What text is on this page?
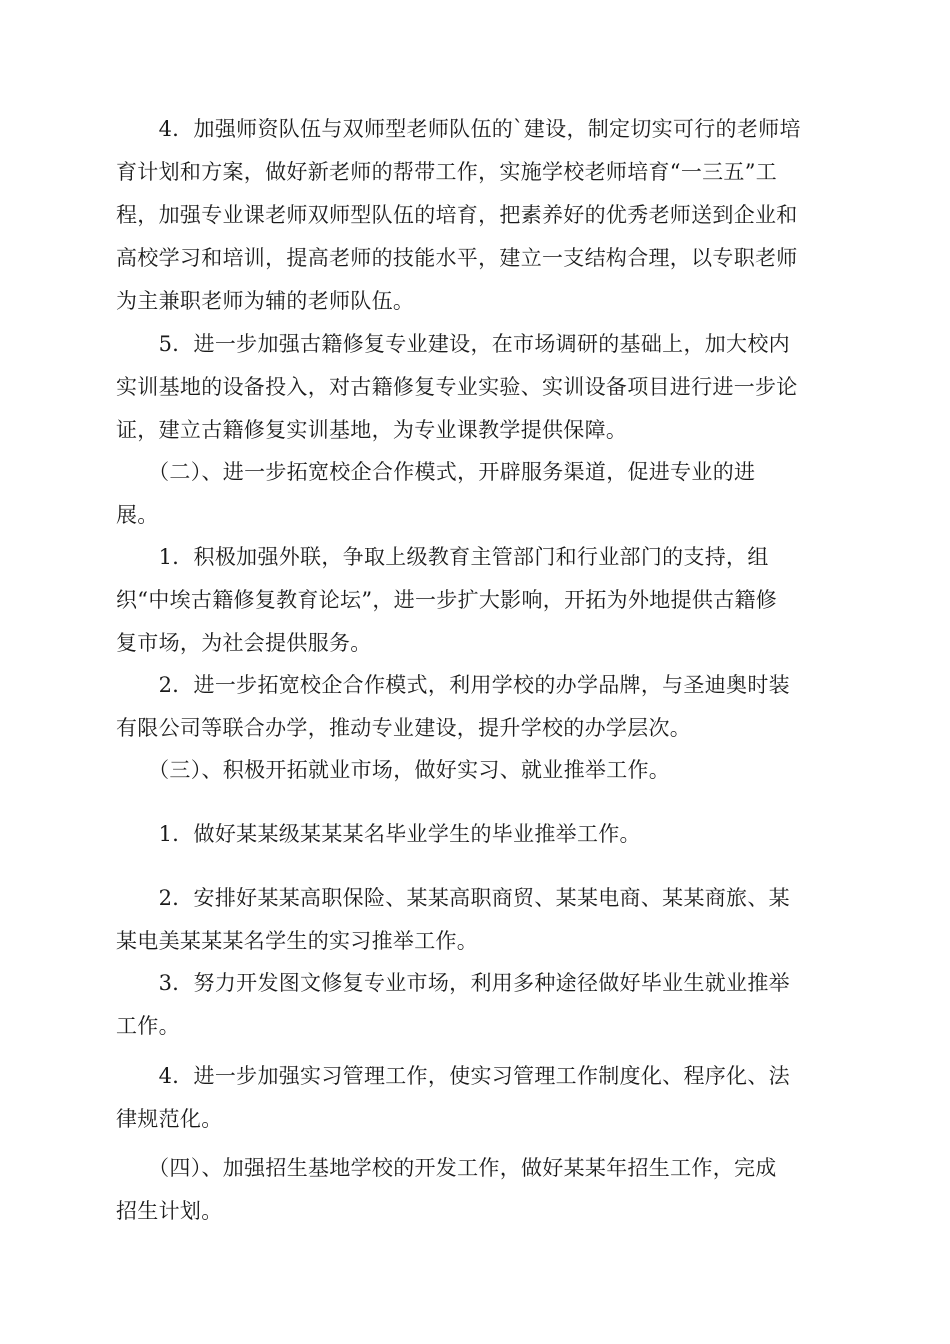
　　4．加强师资队伍与双师型老师队伍的`建设，制定切实可行的老师培
育计划和方案，做好新老师的帮带工作，实施学校老师培育“一三五”工
程，加强专业课老师双师型队伍的培育，把素养好的优秀老师送到企业和
高校学习和培训，提高老师的技能水平，建立一支结构合理，以专职老师
为主兼职老师为辅的老师队伍。

　　5．进一步加强古籍修复专业建设，在市场调研的基础上，加大校内
实训基地的设备投入，对古籍修复专业实验、实训设备项目进行进一步论
证，建立古籍修复实训基地，为专业课教学提供保障。

　　（二）、进一步拓宽校企合作模式，开辟服务渠道，促进专业的进
展。

　　1．积极加强外联，争取上级教育主管部门和行业部门的支持，组
织“中埃古籍修复教育论坛”，进一步扩大影响，开拓为外地提供古籍修
复市场，为社会提供服务。

　　2．进一步拓宽校企合作模式，利用学校的办学品牌，与圣迪奥时装
有限公司等联合办学，推动专业建设，提升学校的办学层次。

　　（三）、积极开拓就业市场，做好实习、就业推举工作。

　　1．做好某某级某某某名毕业学生的毕业推举工作。

　　2．安排好某某高职保险、某某高职商贸、某某电商、某某商旅、某
某电美某某某名学生的实习推举工作。

　　3．努力开发图文修复专业市场，利用多种途径做好毕业生就业推举
工作。

　　4．进一步加强实习管理工作，使实习管理工作制度化、程序化、法
律规范化。

　　（四）、加强招生基地学校的开发工作，做好某某年招生工作，完成
招生计划。
